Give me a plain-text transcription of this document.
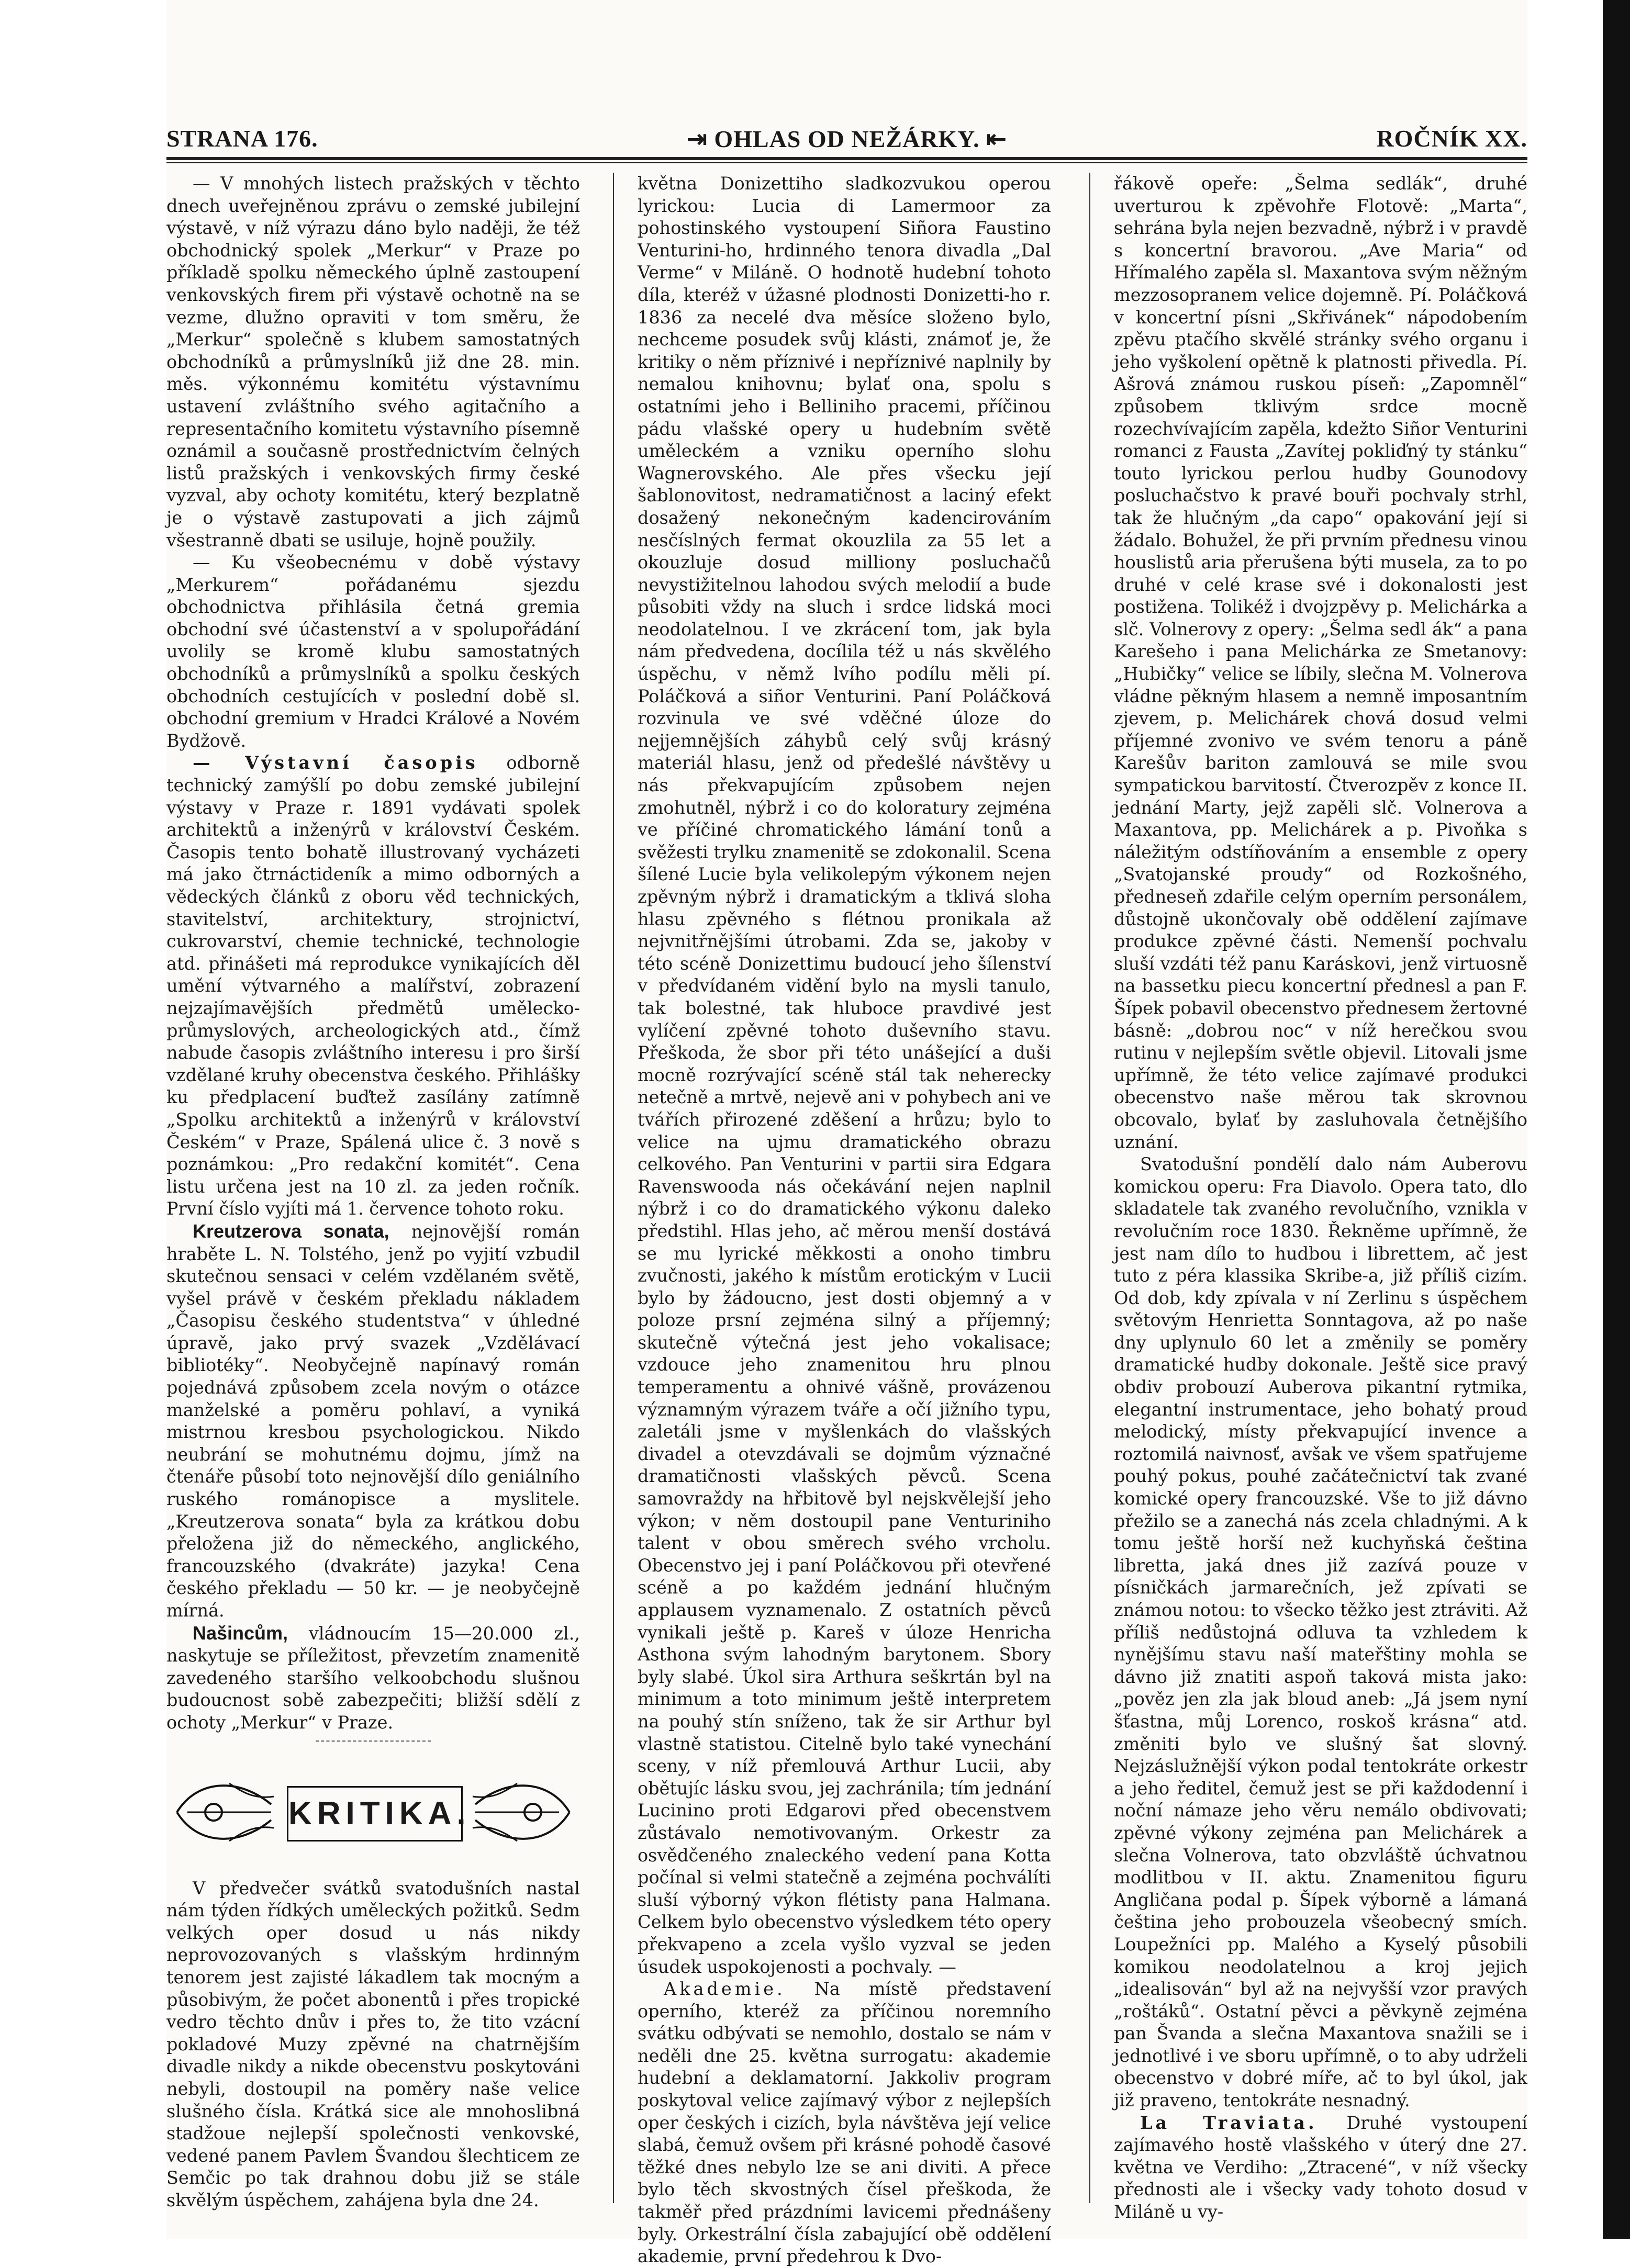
STRANA 176.	⇥ OHLAS OD NEŽÁRKY. ⇤	ROČNÍK XX.

— V mnohých listech pražských v těchto dnech uveřejněnou zprávu o zemské jubilejní výstavě, v níž výrazu dáno bylo naději, že též obchodnický spolek „Merkur“ v Praze po příkladě spolku německého úplně zastoupení venkovských firem při výstavě ochotně na se vezme, dlužno opraviti v tom směru, že „Merkur“ společně s klubem samostatných obchodníků a průmyslníků již dne 28. min. měs. výkonnému komitétu výstavnímu ustavení zvláštního svého agitačního a representačního komitetu výstavního písemně oznámil a současně prostřednictvím čelných listů pražských i venkovských firmy české vyzval, aby ochoty komitétu, který bezplatně je o výstavě zastupovati a jich zájmů všestranně dbati se usiluje, hojně použily.

— Ku všeobecnému v době výstavy „Merkurem“ pořádanému sjezdu obchodnictva přihlásila četná gremia obchodní své účastenství a v spolupořádání uvolily se kromě klubu samostatných obchodníků a průmyslníků a spolku českých obchodních cestujících v poslední době sl. obchodní gremium v Hradci Králové a Novém Bydžově.

— Výstavní časopis odborně technický zamýšlí po dobu zemské jubilejní výstavy v Praze r. 1891 vydávati spolek architektů a inženýrů v království Českém. Časopis tento bohatě illustrovaný vycházeti má jako čtrnáctideník a mimo odborných a vědeckých článků z oboru věd technických, stavitelství, architektury, strojnictví, cukrovarství, chemie technické, technologie atd. přinášeti má reprodukce vynikajících děl umění výtvarného a malířství, zobrazení nejzajímavějších předmětů umělecko-průmyslových, archeologických atd., čímž nabude časopis zvláštního interesu i pro širší vzdělané kruhy obecenstva českého. Přihlášky ku předplacení buďtež zasílány zatímně „Spolku architektů a inženýrů v království Českém“ v Praze, Spálená ulice č. 3 nově s poznámkou: „Pro redakční komitét“. Cena listu určena jest na 10 zl. za jeden ročník. První číslo vyjíti má 1. července tohoto roku.

Kreutzerova sonata, nejnovější román hraběte L. N. Tolstého, jenž po vyjití vzbudil skutečnou sensaci v celém vzdělaném světě, vyšel právě v českém překladu nákladem „Časopisu českého studentstva“ v úhledné úpravě, jako prvý svazek „Vzdělávací bibliotéky“. Neobyčejně napínavý román pojednává způsobem zcela novým o otázce manželské a poměru pohlaví, a vyniká mistrnou kresbou psychologickou. Nikdo neubrání se mohutnému dojmu, jímž na čtenáře působí toto nejnovější dílo geniálního ruského románopisce a myslitele. „Kreutzerova sonata“ byla za krátkou dobu přeložena již do německého, anglického, francouzského (dvakráte) jazyka! Cena českého překladu — 50 kr. — je neobyčejně mírná.

Našincům, vládnoucím 15—20.000 zl., naskytuje se příležitost, převzetím znamenitě zavedeného staršího velkoobchodu slušnou budoucnost sobě zabezpečiti; bližší sdělí z ochoty „Merkur“ v Praze.

KRITIKA.

V předvečer svátků svatodušních nastal nám týden řídkých uměleckých požitků. Sedm velkých oper dosud u nás nikdy neprovozovaných s vlašským hrdinným tenorem jest zajisté lákadlem tak mocným a působivým, že počet abonentů i přes tropické vedro těchto dnův i přes to, že tito vzácní pokladové Muzy zpěvné na chatrnějším divadle nikdy a nikde obecenstvu poskytováni nebyli, dostoupil na poměry naše velice slušného čísla. Krátká sice ale mnohoslibná stadžoue nejlepší společnosti venkovské, vedené panem Pavlem Švandou šlechticem ze Semčic po tak drahnou dobu již se stále skvělým úspěchem, zahájena byla dne 24.

května Donizettiho sladkozvukou operou lyrickou: Lucia di Lamermoor za pohostinského vystoupení Siñora Faustino Venturini-ho, hrdinného tenora divadla „Dal Verme“ v Miláně. O hodnotě hudební tohoto díla, kteréž v úžasné plodnosti Donizetti-ho r. 1836 za necelé dva měsíce složeno bylo, nechceme posudek svůj klásti, známoť je, že kritiky o něm příznivé i nepříznivé naplnily by nemalou knihovnu; bylať ona, spolu s ostatními jeho i Belliniho pracemi, příčinou pádu vlašské opery u hudebním světě uměleckém a vzniku operního slohu Wagnerovského. Ale přes všecku její šablonovitost, nedramatičnost a laciný efekt dosažený nekonečným kadencirováním nesčíslných fermat okouzlila za 55 let a okouzluje dosud milliony posluchačů nevystižitelnou lahodou svých melodií a bude působiti vždy na sluch i srdce lidská moci neodolatelnou. I ve zkrácení tom, jak byla nám předvedena, docílila též u nás skvělého úspěchu, v němž lvího podílu měli pí. Poláčková a siñor Venturini. Paní Poláčková rozvinula ve své vděčné úloze do nejjemnějších záhybů celý svůj krásný materiál hlasu, jenž od předešlé návštěvy u nás překvapujícím způsobem nejen zmohutněl, nýbrž i co do koloratury zejména ve příčiné chromatického lámání tonů a svěžesti trylku znamenitě se zdokonalil. Scena šílené Lucie byla velikolepým výkonem nejen zpěvným nýbrž i dramatickým a tklivá sloha hlasu zpěvného s flétnou pronikala až nejvnitřnějšími útrobami. Zda se, jakoby v této scéně Donizettimu budoucí jeho šílenství v předvídaném vidění bylo na mysli tanulo, tak bolestné, tak hluboce pravdivé jest vylíčení zpěvné tohoto duševního stavu. Přeškoda, že sbor při této unášející a duši mocně rozrývající scéně stál tak neherecky netečně a mrtvě, nejevě ani v pohybech ani ve tvářích přirozené zděšení a hrůzu; bylo to velice na ujmu dramatického obrazu celkového. Pan Venturini v partii sira Edgara Ravenswooda nás očekávání nejen naplnil nýbrž i co do dramatického výkonu daleko předstihl. Hlas jeho, ač měrou menší dostává se mu lyrické měkkosti a onoho timbru zvučnosti, jakého k místům erotickým v Lucii bylo by žádoucno, jest dosti objemný a v poloze prsní zejména silný a příjemný; skutečně výtečná jest jeho vokalisace; vzdouce jeho znamenitou hru plnou temperamentu a ohnivé vášně, provázenou významným výrazem tváře a očí jižního typu, zaletáli jsme v myšlenkách do vlašských divadel a otevzdávali se dojmům význačné dramatičnosti vlašských pěvců. Scena samovraždy na hřbitově byl nejskvělejší jeho výkon; v něm dostoupil pane Venturiniho talent v obou směrech svého vrcholu. Obecenstvo jej i paní Poláčkovou při otevřené scéně a po každém jednání hlučným applausem vyznamenalo. Z ostatních pěvců vynikali ještě p. Kareš v úloze Henricha Asthona svým lahodným barytonem. Sbory byly slabé. Úkol sira Arthura seškrtán byl na minimum a toto minimum ještě interpretem na pouhý stín sníženo, tak že sir Arthur byl vlastně statistou. Citelně bylo také vynechání sceny, v níž přemlouvá Arthur Lucii, aby obětujíc lásku svou, jej zachránila; tím jednání Lucinino proti Edgarovi před obecenstvem zůstávalo nemotivovaným. Orkestr za osvědčeného znaleckého vedení pana Kotta počínal si velmi statečně a zejména pochválíti sluší výborný výkon flétisty pana Halmana. Celkem bylo obecenstvo výsledkem této opery překvapeno a zcela vyšlo vyzval se jeden úsudek uspokojenosti a pochvaly. —

Akademie. Na místě představení operního, kteréž za příčinou noremního svátku odbývati se nemohlo, dostalo se nám v neděli dne 25. května surrogatu: akademie hudební a deklamatorní. Jakkoliv program poskytoval velice zajímavý výbor z nejlepších oper českých i cizích, byla návštěva její velice slabá, čemuž ovšem při krásné pohodě časové těžké dnes nebylo lze se ani diviti. A přece bylo těch skvostných čísel přeškoda, že takměř před prázdními lavicemi přednášeny byly. Orkestrální čísla zabajující obě oddělení akademie, první předehrou k Dvo-

řákově opeře: „Šelma sedlák“, druhé uverturou k zpěvohře Flotově: „Marta“, sehrána byla nejen bezvadně, nýbrž i v pravdě s koncertní bravorou. „Ave Maria“ od Hřímalého zapěla sl. Maxantova svým něžným mezzosopranem velice dojemně. Pí. Poláčková v koncertní písni „Skřivánek“ nápodobením zpěvu ptačího skvělé stránky svého organu i jeho vyškolení opětně k platnosti přivedla. Pí. Ašrová známou ruskou píseň: „Zapomněl“ způsobem tklivým srdce mocně rozechvívajícím zapěla, kdežto Siñor Venturini romanci z Fausta „Zavítej pokliďný ty stánku“ touto lyrickou perlou hudby Gounodovy posluchačstvo k pravé bouři pochvaly strhl, tak že hlučným „da capo“ opakování její si žádalo. Bohužel, že při prvním přednesu vinou houslistů aria přerušena býti musela, za to po druhé v celé krase své i dokonalosti jest postižena. Tolikéž i dvojzpěvy p. Melichárka a slč. Volnerovy z opery: „Šelma sedl ák“ a pana Karešeho i pana Melichárka ze Smetanovy: „Hubičky“ velice se líbily, slečna M. Volnerova vládne pěkným hlasem a nemně imposantním zjevem, p. Melichárek chová dosud velmi příjemné zvonivo ve svém tenoru a páně Karešův bariton zamlouvá se mile svou sympatickou barvitostí. Čtverozpěv z konce II. jednání Marty, jejž zapěli slč. Volnerova a Maxantova, pp. Melichárek a p. Pivoňka s náležitým odstíňováním a ensemble z opery „Svatojanské proudy“ od Rozkošného, předneseň zdařile celým operním personálem, důstojně ukončovaly obě oddělení zajímave produkce zpěvné části. Nemenší pochvalu sluší vzdáti též panu Karáskovi, jenž virtuosně na bassetku piecu koncertní přednesl a pan F. Šípek pobavil obecenstvo přednesem žertovné básně: „dobrou noc“ v níž herečkou svou rutinu v nejlepším světle objevil. Litovali jsme upřímně, že této velice zajímavé produkci obecenstvo naše měrou tak skrovnou obcovalo, bylať by zasluhovala četnějšího uznání.

Svatodušní pondělí dalo nám Auberovu komickou operu: Fra Diavolo. Opera tato, dlo skladatele tak zvaného revolučního, vznikla v revolučním roce 1830. Řekněme upřímně, že jest nam dílo to hudbou i librettem, ač jest tuto z péra klassika Skribe-a, již příliš cizím. Od dob, kdy zpívala v ní Zerlinu s úspěchem světovým Henrietta Sonntagova, až po naše dny uplynulo 60 let a změnily se poměry dramatické hudby dokonale. Ještě sice pravý obdiv probouzí Auberova pikantní rytmika, elegantní instrumentace, jeho bohatý proud melodický, místy překvapující invence a roztomilá naivnosť, avšak ve všem spatřujeme pouhý pokus, pouhé začátečnictví tak zvané komické opery francouzské. Vše to již dávno přežilo se a zanechá nás zcela chladnými. A k tomu ještě horší než kuchyňská čeština libretta, jaká dnes již zazívá pouze v písničkách jarmarečních, jež zpívati se známou notou: to všecko těžko jest ztráviti. Až příliš nedůstojná odluva ta vzhledem k nynějšímu stavu naší mateřštiny mohla se dávno již znatiti aspoň taková mista jako: „pověz jen zla jak bloud aneb: „Já jsem nyní šťastna, můj Lorenco, roskoš krásna“ atd. změniti bylo ve slušný šat slovný. Nejzáslužnější výkon podal tentokráte orkestr a jeho ředitel, čemuž jest se při každodenní i noční námaze jeho věru nemálo obdivovati; zpěvné výkony zejména pan Melichárek a slečna Volnerova, tato obzvláště úchvatnou modlitbou v II. aktu. Znamenitou figuru Angličana podal p. Šípek výborně a lámaná čeština jeho probouzela všeobecný smích. Loupežníci pp. Malého a Kyselý působili komikou neodolatelnou a kroj jejich „idealisován“ byl až na nejvyšší vzor pravých „roštáků“. Ostatní pěvci a pěvkyně zejména pan Švanda a slečna Maxantova snažili se i jednotlivé i ve sboru upřímně, o to aby udrželi obecenstvo v dobré míře, ač to byl úkol, jak již praveno, tentokráte nesnadný.

La Traviata. Druhé vystoupení zajímavého hostě vlašského v úterý dne 27. května ve Verdiho: „Ztracené“, v níž všecky přednosti ale i všecky vady tohoto dosud v Miláně u vy-
